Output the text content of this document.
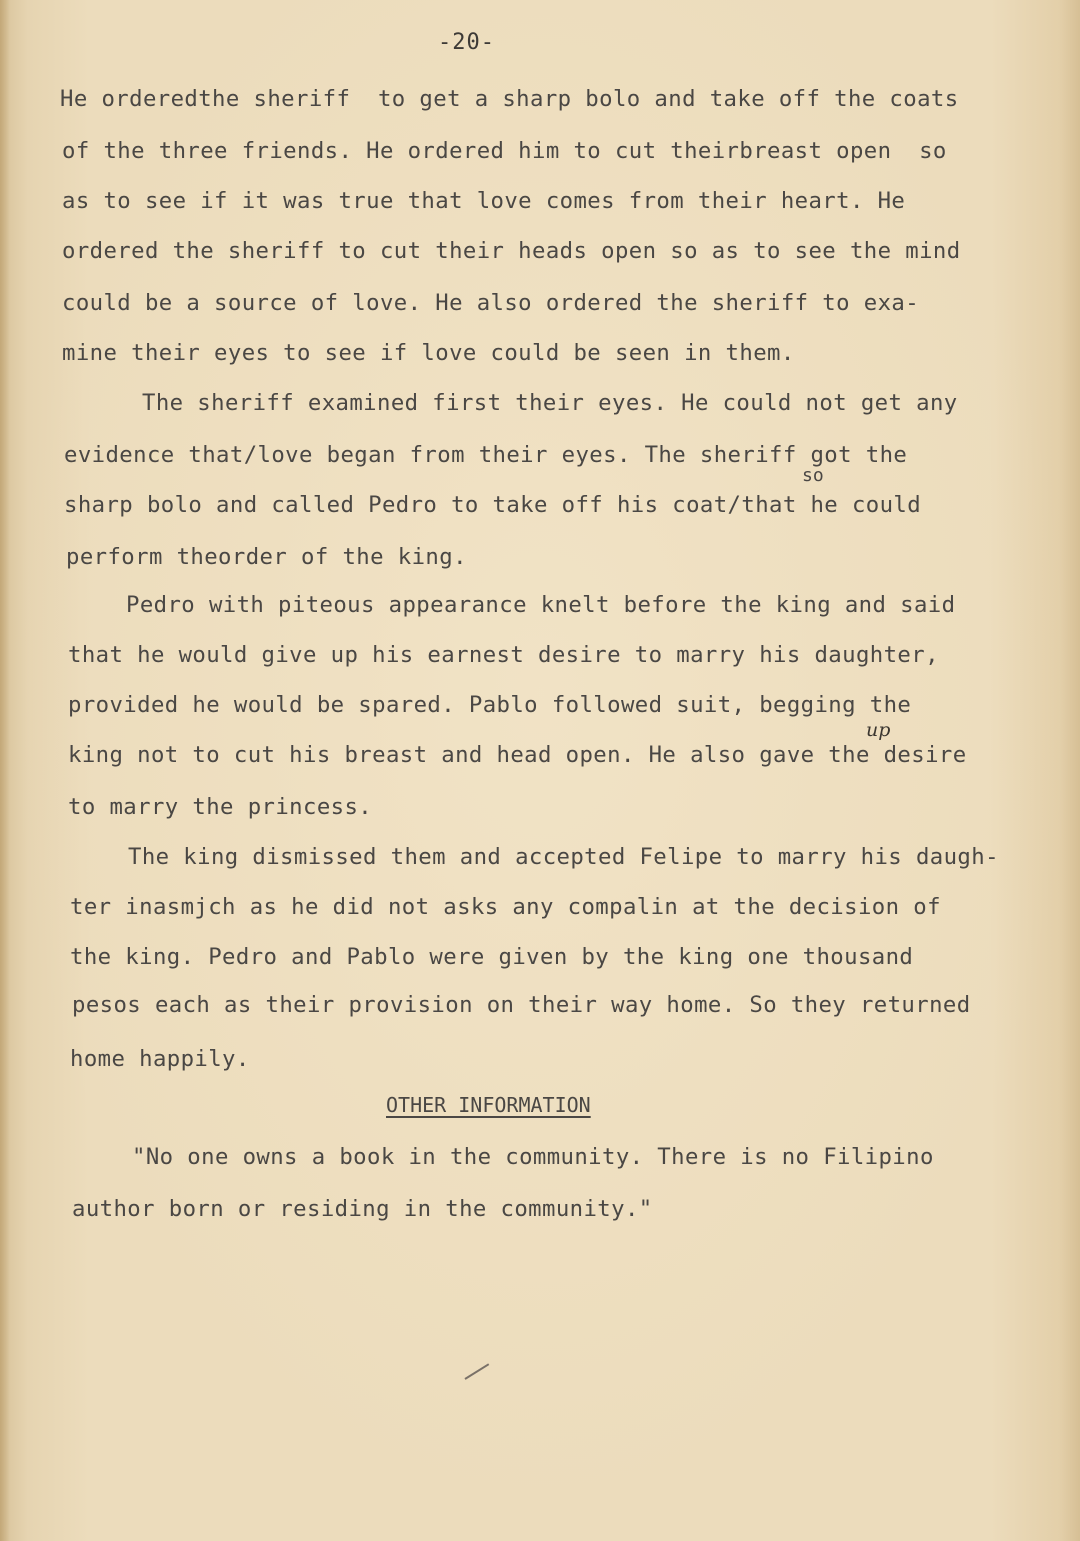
-20-
He orderedthe sheriff  to get a sharp bolo and take off the coats
of the three friends. He ordered him to cut theirbreast open  so
as to see if it was true that love comes from their heart. He
ordered the sheriff to cut their heads open so as to see the mind
could be a source of love. He also ordered the sheriff to exa-
mine their eyes to see if love could be seen in them.
The sheriff examined first their eyes. He could not get any
evidence that/love began from their eyes. The sheriff got the
so
sharp bolo and called Pedro to take off his coat/that he could
perform theorder of the king.
Pedro with piteous appearance knelt before the king and said
that he would give up his earnest desire to marry his daughter,
provided he would be spared. Pablo followed suit, begging the
up
king not to cut his breast and head open. He also gave the desire
to marry the princess.
The king dismissed them and accepted Felipe to marry his daugh-
ter inasmjch as he did not asks any compalin at the decision of
the king. Pedro and Pablo were given by the king one thousand
pesos each as their provision on their way home. So they returned
home happily.
OTHER INFORMATION
"No one owns a book in the community. There is no Filipino
author born or residing in the community."
